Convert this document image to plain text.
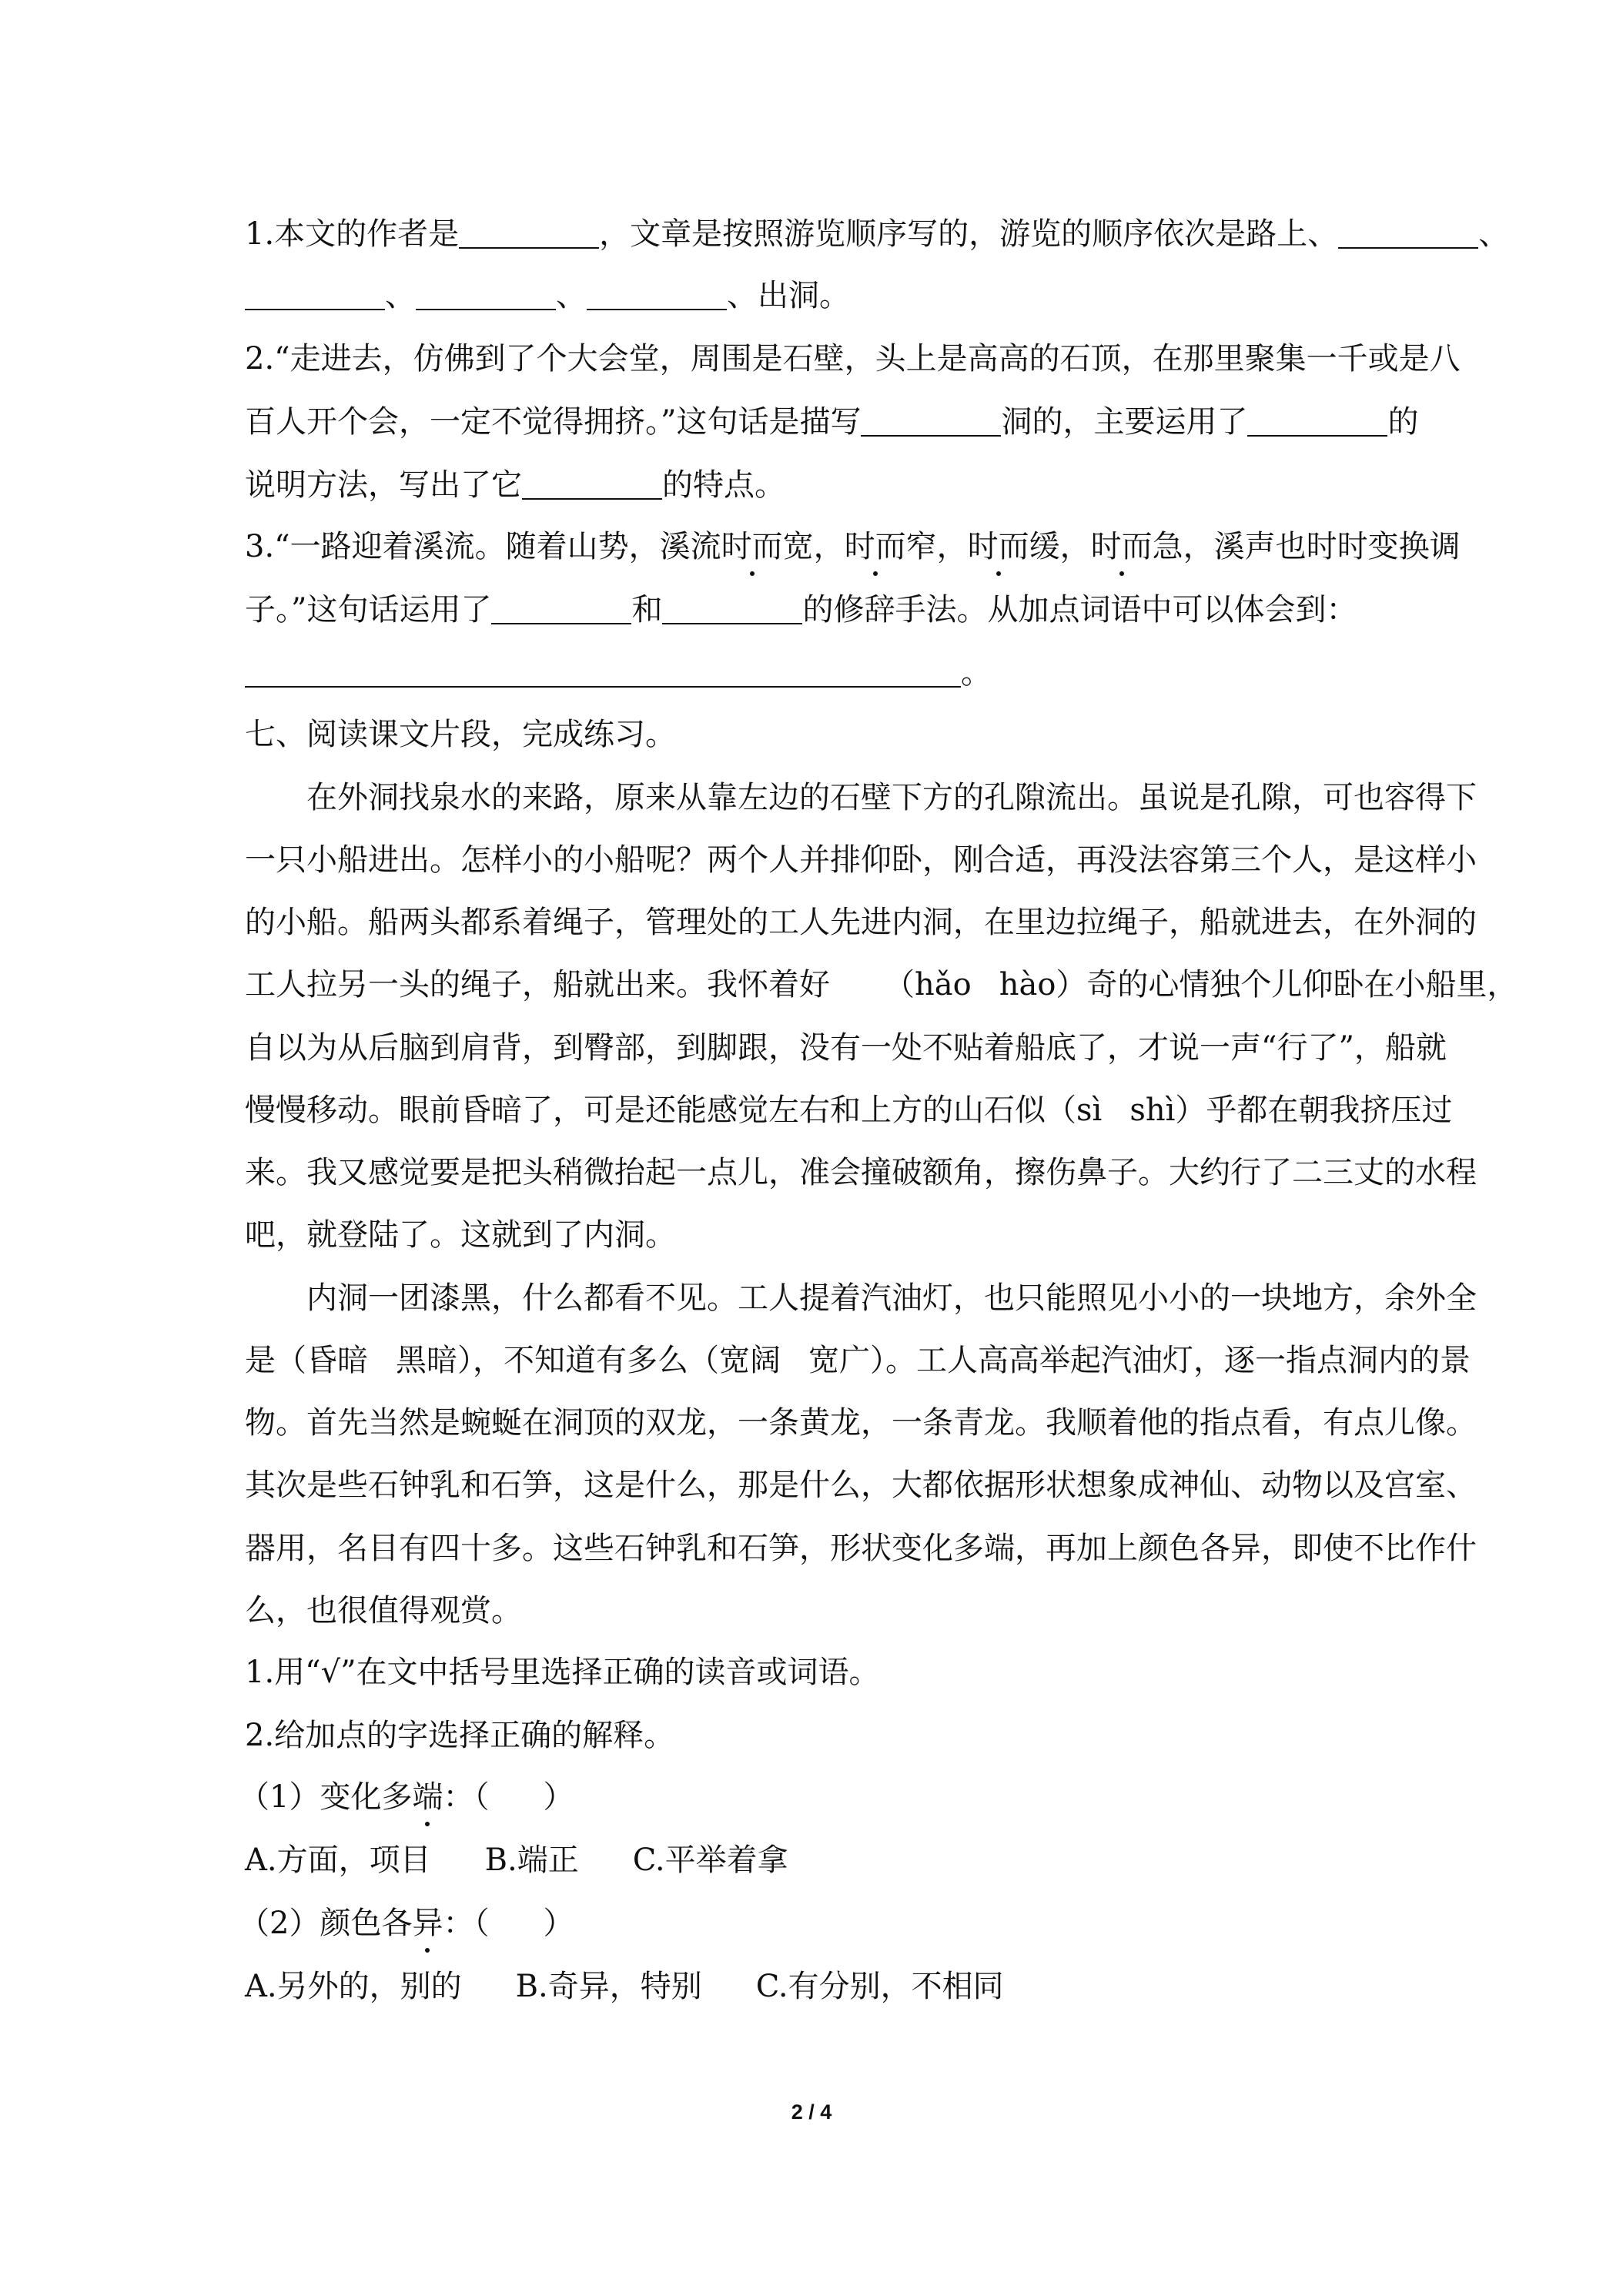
1.本文的作者是	，文章是按照游览顺序写的，游览的顺序依次是路上、	、
、	、	、出洞。
2.“走进去，仿佛到了个大会堂，周围是石壁，头上是高高的石顶，在那里聚集一千或是八
百人开个会，一定不觉得拥挤。”这句话是描写	洞的，主要运用了	的
说明方法，写出了它	的特点。
3.“一路迎着溪流。随着山势，溪流时而宽，时而窄，时而缓，时而急，溪声也时时变换调
子。”这句话运用了	和	的修辞手法。从加点词语中可以体会到：
。
七、阅读课文片段，完成练习。
在外洞找泉水的来路，原来从靠左边的石壁下方的孔隙流出。虽说是孔隙，可也容得下
一只小船进出。怎样小的小船呢？两个人并排仰卧，刚合适，再没法容第三个人，是这样小
的小船。船两头都系着绳子，管理处的工人先进内洞，在里边拉绳子，船就进去，在外洞的
工人拉另一头的绳子，船就出来。我怀着好 （hǎo hào）奇的心情独个儿仰卧在小船里，
自以为从后脑到肩背，到臀部，到脚跟，没有一处不贴着船底了，才说一声“行了”，船就
慢慢移动。眼前昏暗了，可是还能感觉左右和上方的山石似（sì shì）乎都在朝我挤压过
来。我又感觉要是把头稍微抬起一点儿，准会撞破额角，擦伤鼻子。大约行了二三丈的水程
吧，就登陆了。这就到了内洞。
内洞一团漆黑，什么都看不见。工人提着汽油灯，也只能照见小小的一块地方，余外全
是（昏暗 黑暗），不知道有多么（宽阔 宽广）。工人高高举起汽油灯，逐一指点洞内的景
物。首先当然是蜿蜒在洞顶的双龙，一条黄龙，一条青龙。我顺着他的指点看，有点儿像。
其次是些石钟乳和石笋，这是什么，那是什么，大都依据形状想象成神仙、动物以及宫室、
器用，名目有四十多。这些石钟乳和石笋，形状变化多端，再加上颜色各异，即使不比作什
么，也很值得观赏。
1.用“√”在文中括号里选择正确的读音或词语。
2.给加点的字选择正确的解释。
（1）变化多端：（ ）
A.方面，项目 B.端正 C.平举着拿
（2）颜色各异：（ ）
A.另外的，别的 B.奇异，特别 C.有分别，不相同
2 / 4
